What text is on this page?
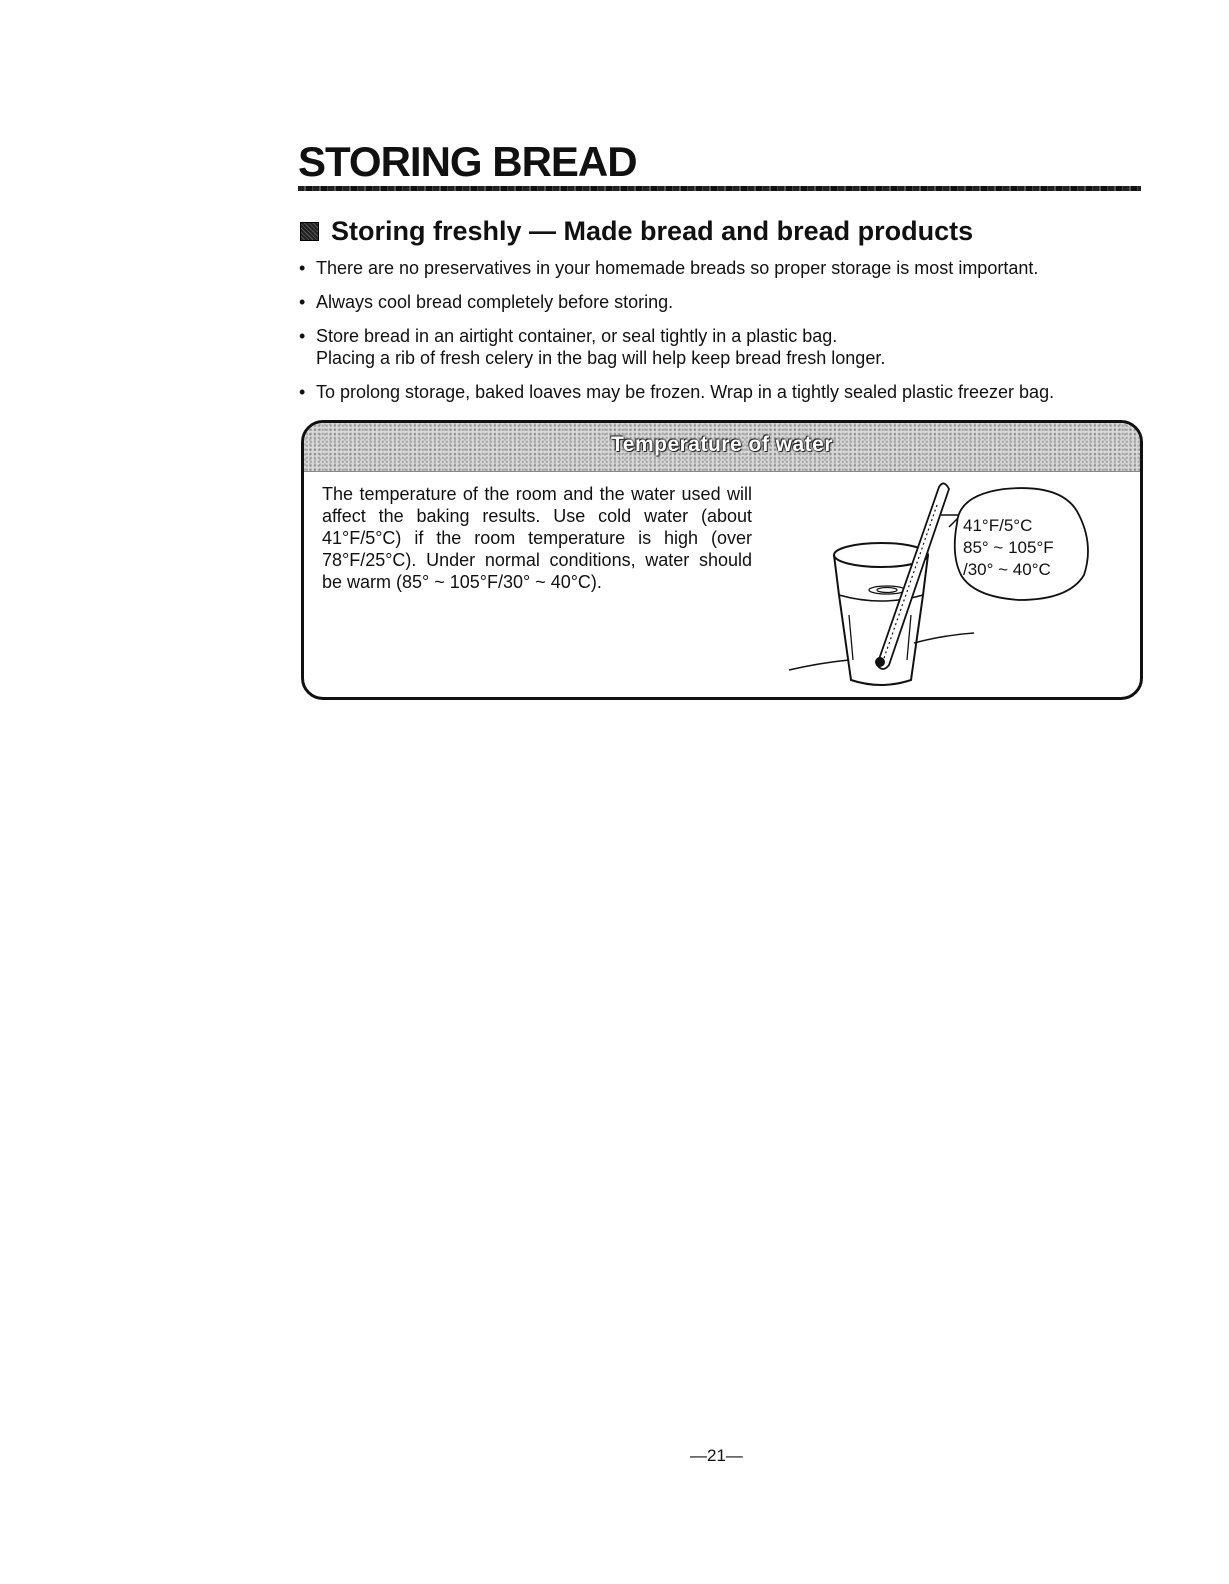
STORING BREAD
Storing freshly — Made bread and bread products
• There are no preservatives in your homemade breads so proper storage is most important.
• Always cool bread completely before storing.
• Store bread in an airtight container, or seal tightly in a plastic bag.
Placing a rib of fresh celery in the bag will help keep bread fresh longer.
• To prolong storage, baked loaves may be frozen. Wrap in a tightly sealed plastic freezer bag.
Temperature of water

The temperature of the room and the water used will affect the baking results. Use cold water (about 41°F/5°C) if the room temperature is high (over 78°F/25°C). Under normal conditions, water should be warm (85° ~ 105°F/30° ~ 40°C).

41°F/5°C
85° ~ 105°F
/30° ~ 40°C
—21—
